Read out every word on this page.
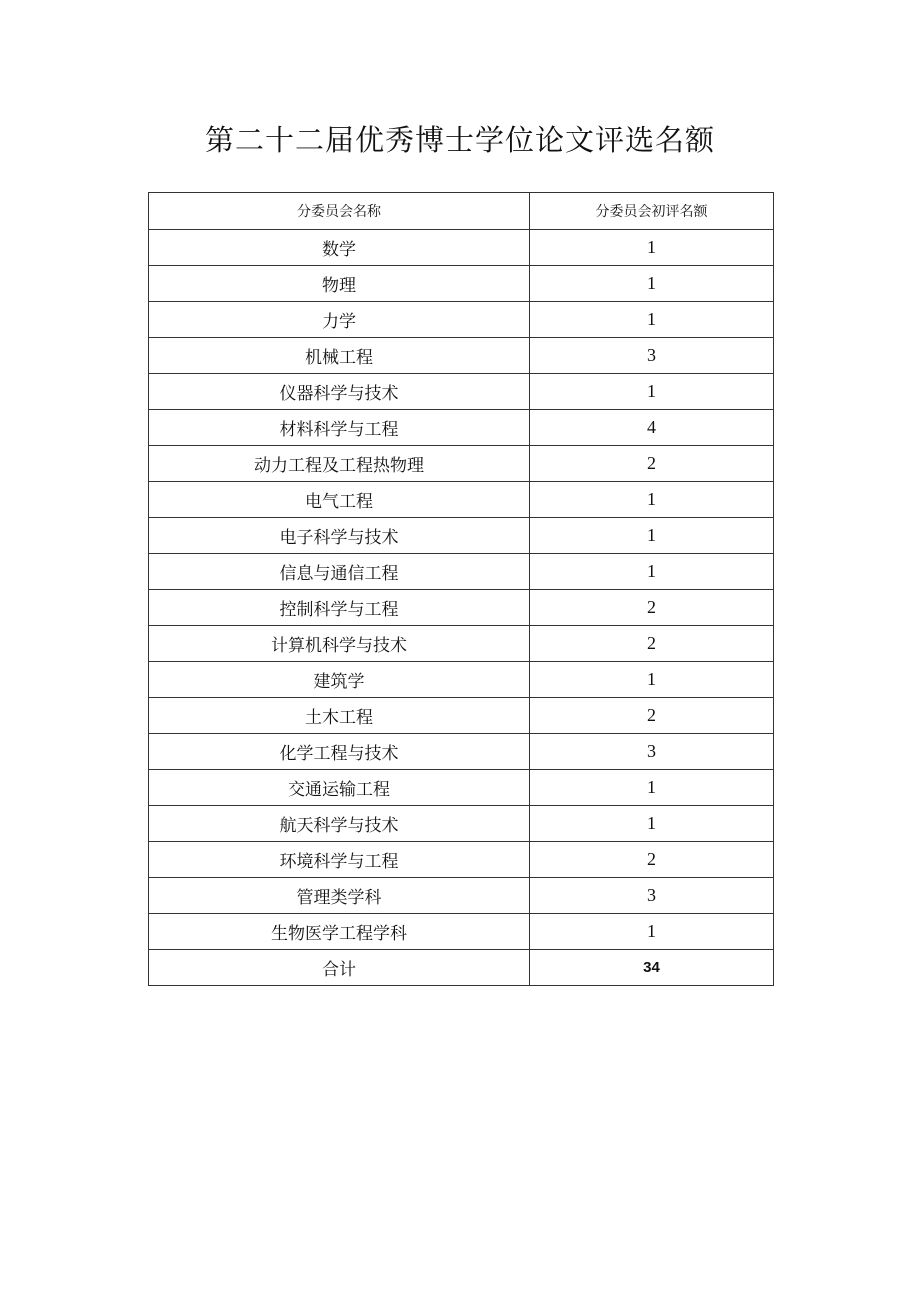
第二十二届优秀博士学位论文评选名额
分委员会名称	分委员会初评名额
数学	1
物理	1
力学	1
机械工程	3
仪器科学与技术	1
材料科学与工程	4
动力工程及工程热物理	2
电气工程	1
电子科学与技术	1
信息与通信工程	1
控制科学与工程	2
计算机科学与技术	2
建筑学	1
土木工程	2
化学工程与技术	3
交通运输工程	1
航天科学与技术	1
环境科学与工程	2
管理类学科	3
生物医学工程学科	1
合计	34
